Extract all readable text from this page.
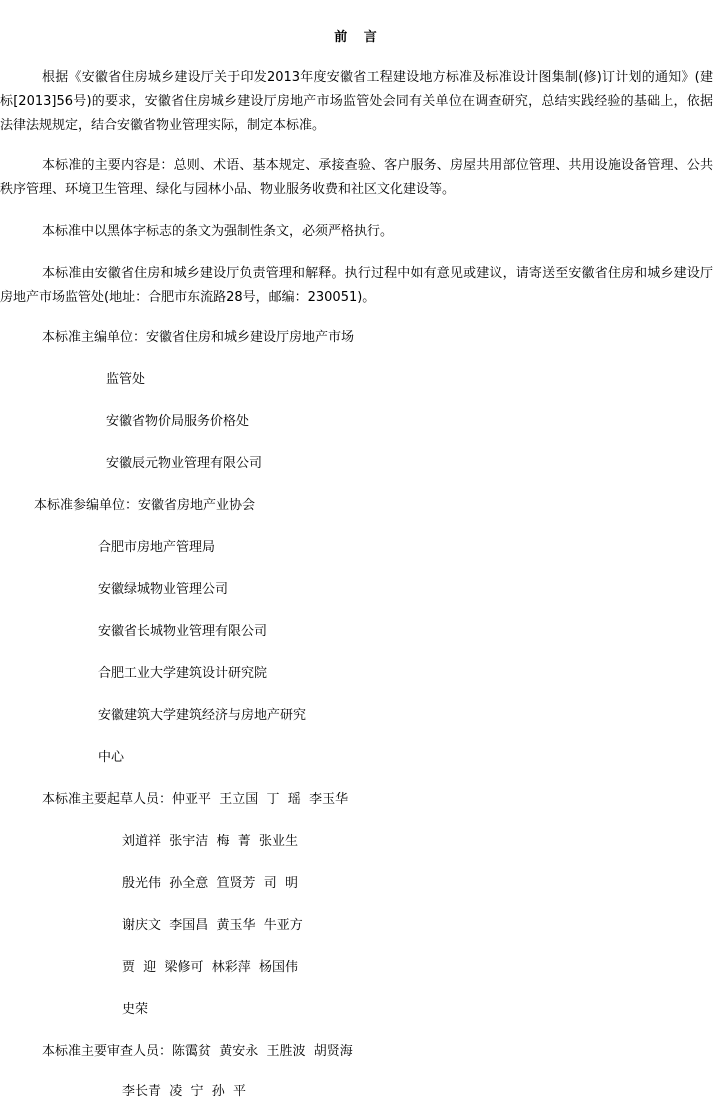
前 言
根据《安徽省住房城乡建设厅关于印发2013年度安徽省工程建设地方标准及标准设计图集制(修)订计划的通知》(建标[2013]56号)的要求，安徽省住房城乡建设厅房地产市场监管处会同有关单位在调查研究，总结实践经验的基础上，依据法律法规规定，结合安徽省物业管理实际，制定本标准。
本标准的主要内容是：总则、术语、基本规定、承接查验、客户服务、房屋共用部位管理、共用设施设备管理、公共秩序管理、环境卫生管理、绿化与园林小品、物业服务收费和社区文化建设等。
本标准中以黑体字标志的条文为强制性条文，必须严格执行。
本标准由安徽省住房和城乡建设厅负责管理和解释。执行过程中如有意见或建议，请寄送至安徽省住房和城乡建设厅房地产市场监管处(地址：合肥市东流路28号，邮编：230051)。
本标准主编单位：安徽省住房和城乡建设厅房地产市场
监管处
安徽省物价局服务价格处
安徽辰元物业管理有限公司
本标准参编单位：安徽省房地产业协会
合肥市房地产管理局
安徽绿城物业管理公司
安徽省长城物业管理有限公司
合肥工业大学建筑设计研究院
安徽建筑大学建筑经济与房地产研究
中心
本标准主要起草人员：仲亚平  王立国  丁  瑶  李玉华
刘道祥  张宇洁  梅  菁  张业生
殷光伟  孙全意  笪贤芳  司  明
谢庆文  李国昌  黄玉华  牛亚方
贾  迎  梁修可  林彩萍  杨国伟
史荣
本标准主要审查人员：陈霭贫  黄安永  王胜波  胡贤海
李长青  凌  宁  孙  平
